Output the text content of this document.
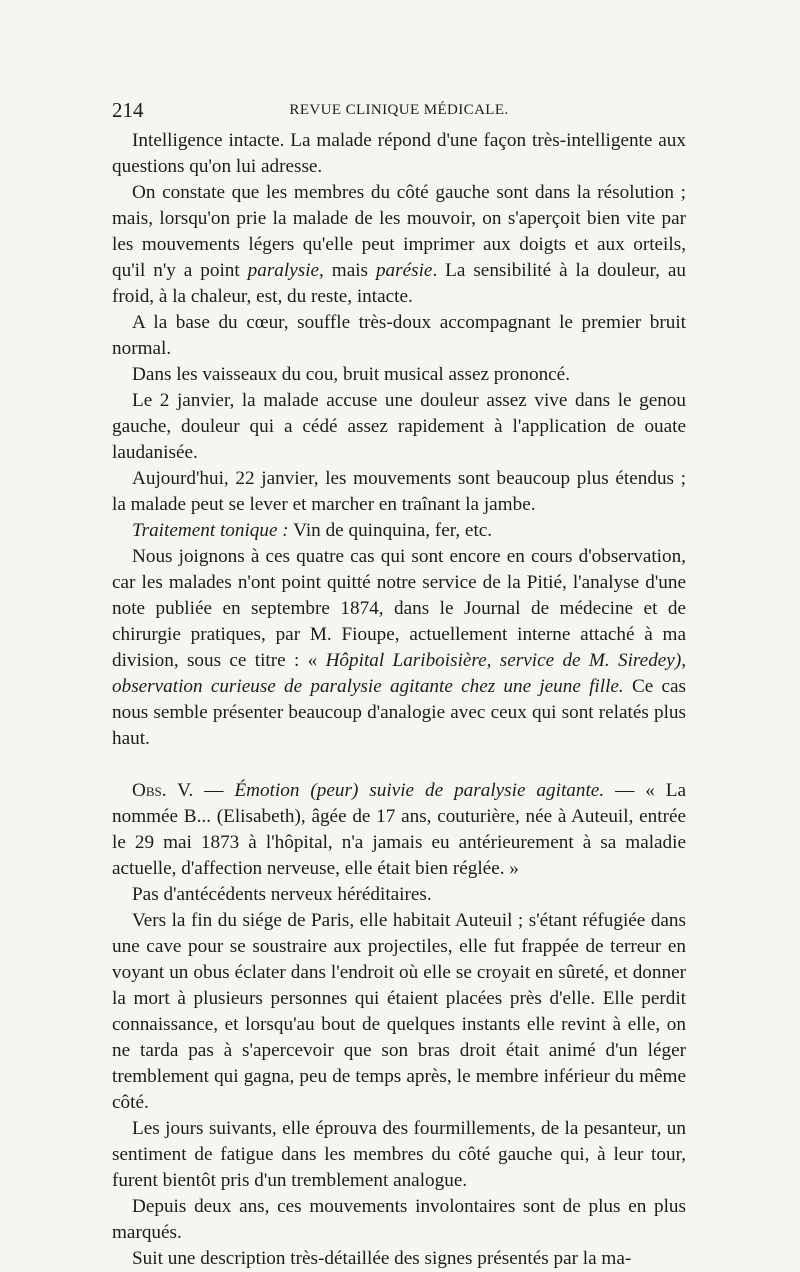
214	REVUE CLINIQUE MÉDICALE.

Intelligence intacte. La malade répond d'une façon très-intelligente aux questions qu'on lui adresse.

On constate que les membres du côté gauche sont dans la résolution ; mais, lorsqu'on prie la malade de les mouvoir, on s'aperçoit bien vite par les mouvements légers qu'elle peut imprimer aux doigts et aux orteils, qu'il n'y a point paralysie, mais parésie. La sensibilité à la douleur, au froid, à la chaleur, est, du reste, intacte.

A la base du cœur, souffle très-doux accompagnant le premier bruit normal.

Dans les vaisseaux du cou, bruit musical assez prononcé.

Le 2 janvier, la malade accuse une douleur assez vive dans le genou gauche, douleur qui a cédé assez rapidement à l'application de ouate laudanisée.

Aujourd'hui, 22 janvier, les mouvements sont beaucoup plus étendus ; la malade peut se lever et marcher en traînant la jambe.

Traitement tonique : Vin de quinquina, fer, etc.

Nous joignons à ces quatre cas qui sont encore en cours d'observation, car les malades n'ont point quitté notre service de la Pitié, l'analyse d'une note publiée en septembre 1874, dans le Journal de médecine et de chirurgie pratiques, par M. Fioupe, actuellement interne attaché à ma division, sous ce titre : « Hôpital Lariboisière, service de M. Siredey), observation curieuse de paralysie agitante chez une jeune fille. Ce cas nous semble présenter beaucoup d'analogie avec ceux qui sont relatés plus haut.

Obs. V. — Émotion (peur) suivie de paralysie agitante. — « La nommée B... (Elisabeth), âgée de 17 ans, couturière, née à Auteuil, entrée le 29 mai 1873 à l'hôpital, n'a jamais eu antérieurement à sa maladie actuelle, d'affection nerveuse, elle était bien réglée. »

Pas d'antécédents nerveux héréditaires.

Vers la fin du siége de Paris, elle habitait Auteuil ; s'étant réfugiée dans une cave pour se soustraire aux projectiles, elle fut frappée de terreur en voyant un obus éclater dans l'endroit où elle se croyait en sûreté, et donner la mort à plusieurs personnes qui étaient placées près d'elle. Elle perdit connaissance, et lorsqu'au bout de quelques instants elle revint à elle, on ne tarda pas à s'apercevoir que son bras droit était animé d'un léger tremblement qui gagna, peu de temps après, le membre inférieur du même côté.

Les jours suivants, elle éprouva des fourmillements, de la pesanteur, un sentiment de fatigue dans les membres du côté gauche qui, à leur tour, furent bientôt pris d'un tremblement analogue.

Depuis deux ans, ces mouvements involontaires sont de plus en plus marqués.

Suit une description très-détaillée des signes présentés par la ma-
